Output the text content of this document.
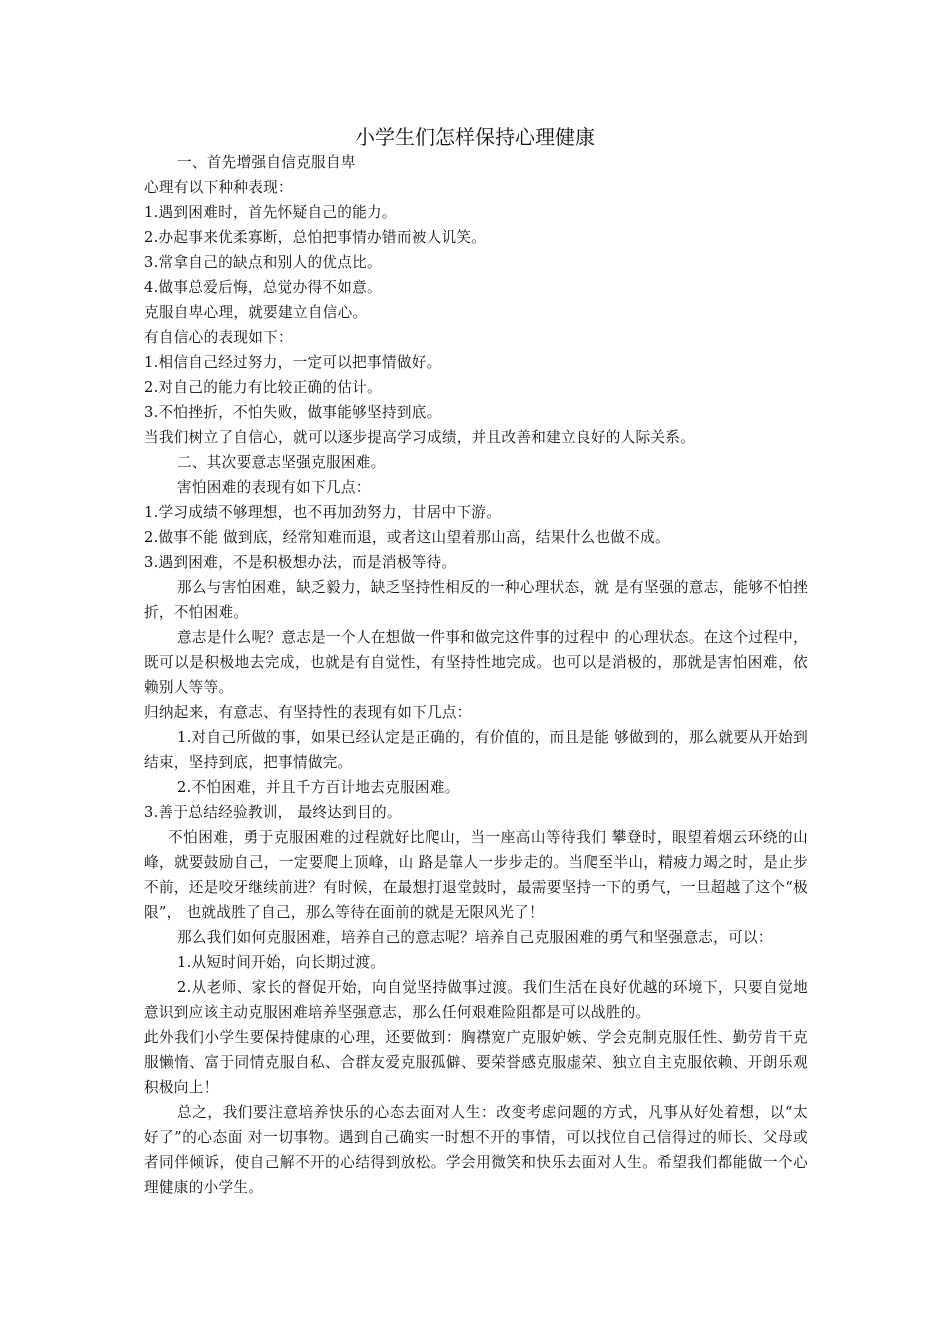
小学生们怎样保持心理健康

一、首先增强自信克服自卑

心理有以下种种表现：

1.遇到困难时，首先怀疑自己的能力。

2.办起事来优柔寡断，总怕把事情办错而被人讥笑。

3.常拿自己的缺点和别人的优点比。

4.做事总爱后悔，总觉办得不如意。

克服自卑心理，就要建立自信心。

有自信心的表现如下：

1.相信自己经过努力，一定可以把事情做好。

2.对自己的能力有比较正确的估计。

3.不怕挫折，不怕失败，做事能够坚持到底。

当我们树立了自信心，就可以逐步提高学习成绩，并且改善和建立良好的人际关系。

二、其次要意志坚强克服困难。

害怕困难的表现有如下几点：

1.学习成绩不够理想，也不再加劲努力，甘居中下游。

2.做事不能 做到底，经常知难而退，或者这山望着那山高，结果什么也做不成。

3.遇到困难，不是积极想办法，而是消极等待。

那么与害怕困难，缺乏毅力，缺乏坚持性相反的一种心理状态，就 是有坚强的意志，能够不怕挫折，不怕困难。

意志是什么呢？意志是一个人在想做一件事和做完这件事的过程中 的心理状态。在这个过程中，既可以是积极地去完成，也就是有自觉性，有坚持性地完成。也可以是消极的，那就是害怕困难，依赖别人等等。

归纳起来，有意志、有坚持性的表现有如下几点：

1.对自己所做的事，如果已经认定是正确的，有价值的，而且是能 够做到的，那么就要从开始到结束，坚持到底，把事情做完。

2.不怕困难，并且千方百计地去克服困难。

3.善于总结经验教训， 最终达到目的。

不怕困难，勇于克服困难的过程就好比爬山，当一座高山等待我们 攀登时，眼望着烟云环绕的山峰，就要鼓励自己，一定要爬上顶峰，山 路是靠人一步步走的。当爬至半山，精疲力竭之时，是止步不前，还是咬牙继续前进？有时候，在最想打退堂鼓时，最需要坚持一下的勇气，一旦超越了这个“极限”， 也就战胜了自己，那么等待在面前的就是无限风光了！

那么我们如何克服困难，培养自己的意志呢？培养自己克服困难的勇气和坚强意志，可以：

1.从短时间开始，向长期过渡。

2.从老师、家长的督促开始，向自觉坚持做事过渡。我们生活在良好优越的环境下，只要自觉地意识到应该主动克服困难培养坚强意志，那么任何艰难险阻都是可以战胜的。

此外我们小学生要保持健康的心理，还要做到：胸襟宽广克服妒嫉、学会克制克服任性、勤劳肯干克服懒惰、富于同情克服自私、合群友爱克服孤僻、要荣誉感克服虚荣、独立自主克服依赖、开朗乐观积极向上！

总之，我们要注意培养快乐的心态去面对人生：改变考虑问题的方式，凡事从好处着想，以“太好了”的心态面 对一切事物。遇到自己确实一时想不开的事情，可以找位自己信得过的师长、父母或者同伴倾诉，使自己解不开的心结得到放松。学会用微笑和快乐去面对人生。希望我们都能做一个心理健康的小学生。
